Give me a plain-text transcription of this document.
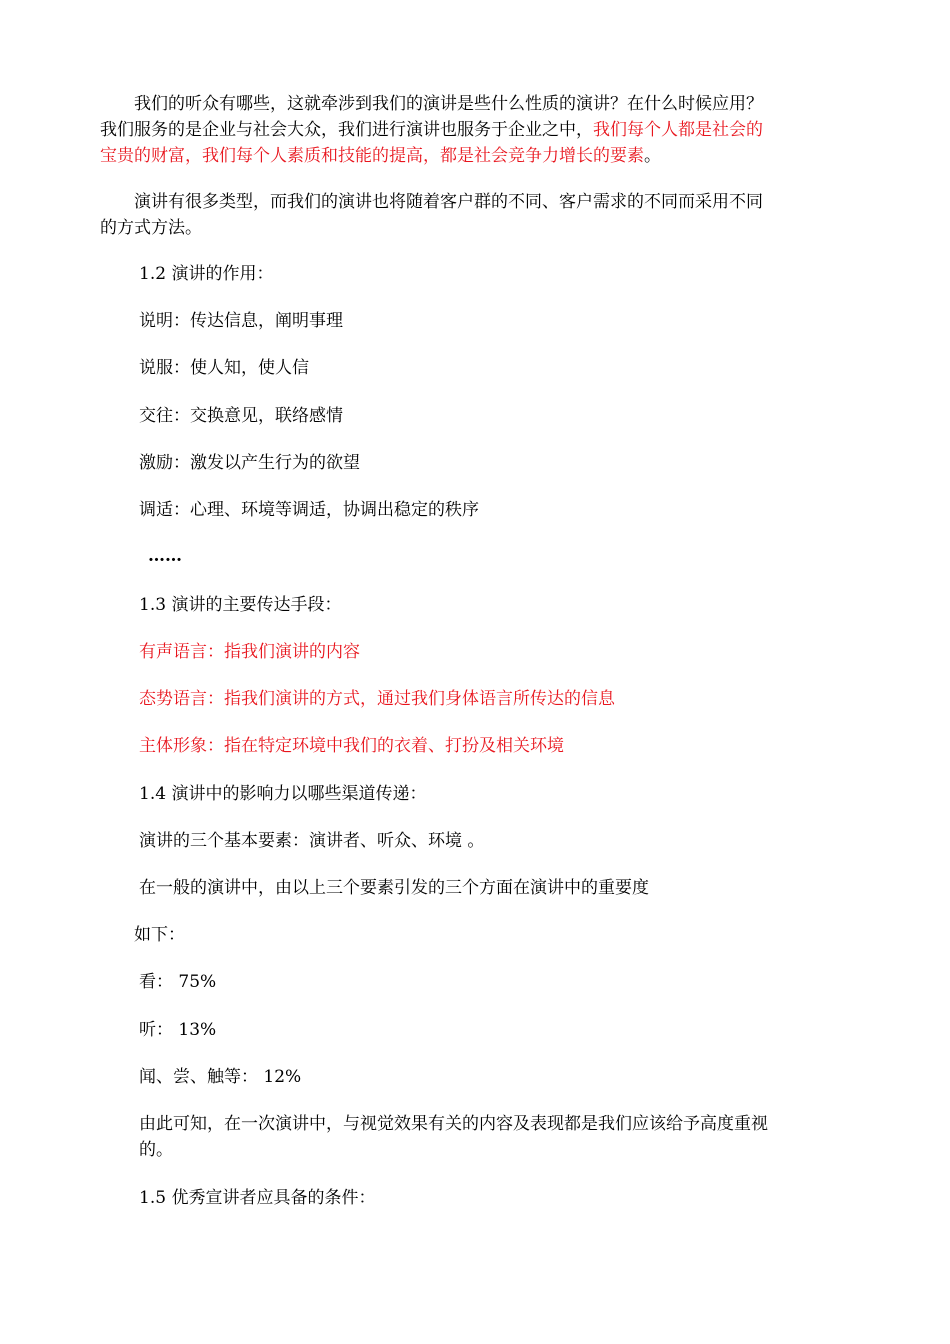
　　我们的听众有哪些，这就牵涉到我们的演讲是些什么性质的演讲？在什么时候应用？
我们服务的是企业与社会大众，我们进行演讲也服务于企业之中，我们每个人都是社会的
宝贵的财富，我们每个人素质和技能的提高，都是社会竞争力增长的要素。
　　演讲有很多类型，而我们的演讲也将随着客户群的不同、客户需求的不同而采用不同
的方式方法。
1.2 演讲的作用：
说明：传达信息，阐明事理
说服：使人知，使人信
交往：交换意见，联络感情
激励：激发以产生行为的欲望
调适：心理、环境等调适，协调出稳定的秩序
……
1.3 演讲的主要传达手段：
有声语言：指我们演讲的内容
态势语言：指我们演讲的方式，通过我们身体语言所传达的信息
主体形象：指在特定环境中我们的衣着、打扮及相关环境
1.4 演讲中的影响力以哪些渠道传递：
演讲的三个基本要素：演讲者、听众、环境 。
在一般的演讲中，由以上三个要素引发的三个方面在演讲中的重要度
如下：
看： 75%
听： 13%
闻、尝、触等： 12%
由此可知，在一次演讲中，与视觉效果有关的内容及表现都是我们应该给予高度重视
的。
1.5 优秀宣讲者应具备的条件：
